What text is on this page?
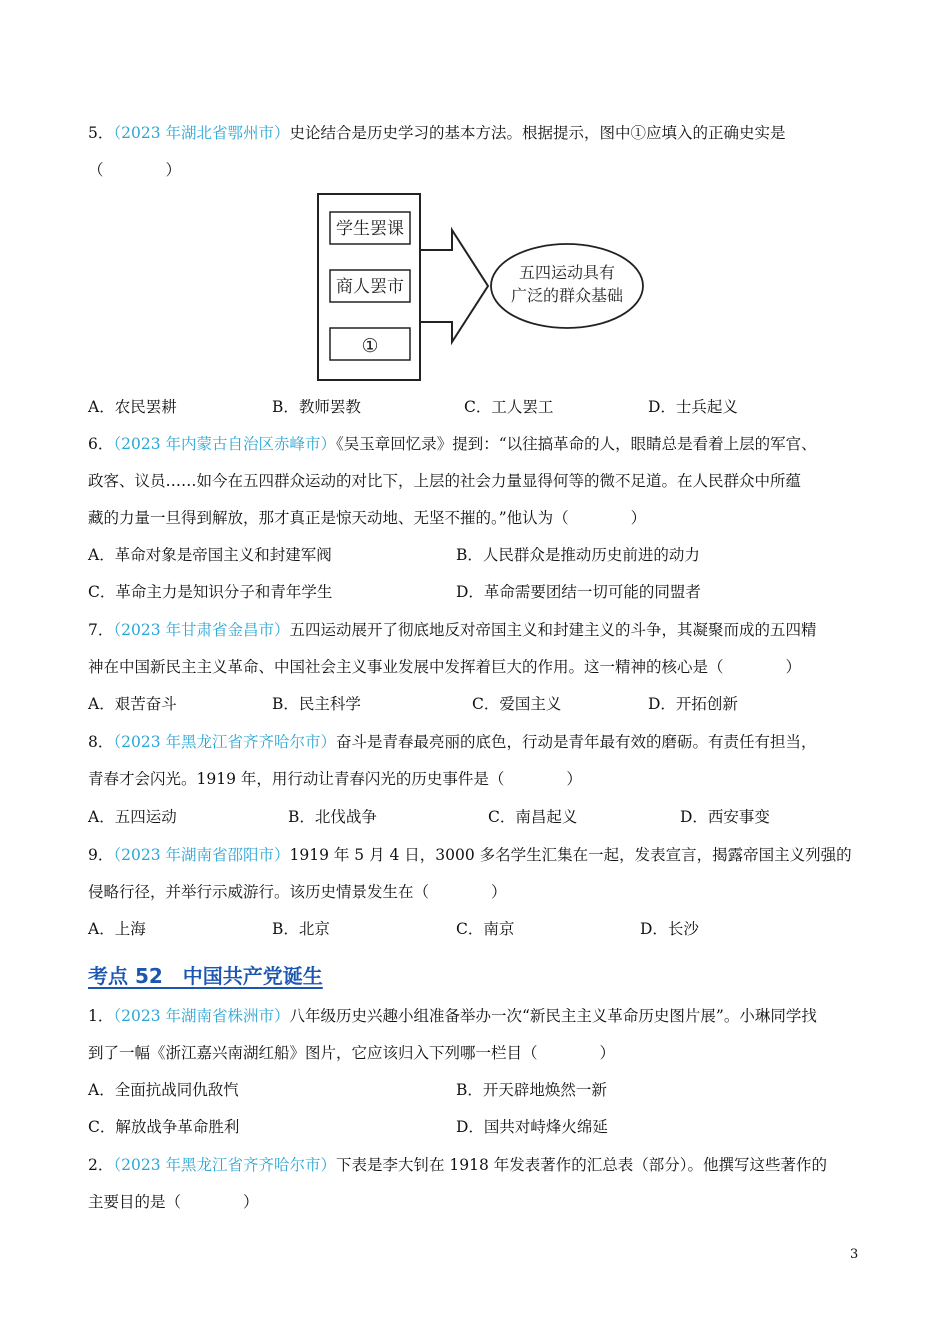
5．（2023 年湖北省鄂州市）史论结合是历史学习的基本方法。根据提示，图中①应填入的正确史实是
（　　　　）
学生罢课
商人罢市
①
五四运动具有
广泛的群众基础
A．农民罢耕	B．教师罢教	C．工人罢工	D．士兵起义
6．（2023 年内蒙古自治区赤峰市）《吴玉章回忆录》提到：“以往搞革命的人，眼睛总是看着上层的军官、
政客、议员……如今在五四群众运动的对比下，上层的社会力量显得何等的微不足道。在人民群众中所蕴
藏的力量一旦得到解放，那才真正是惊天动地、无坚不摧的。”他认为（　　　　）
A．革命对象是帝国主义和封建军阀	B．人民群众是推动历史前进的动力
C．革命主力是知识分子和青年学生	D．革命需要团结一切可能的同盟者
7．（2023 年甘肃省金昌市）五四运动展开了彻底地反对帝国主义和封建主义的斗争，其凝聚而成的五四精
神在中国新民主主义革命、中国社会主义事业发展中发挥着巨大的作用。这一精神的核心是（　　　　）
A．艰苦奋斗	B．民主科学	C．爱国主义	D．开拓创新
8．（2023 年黑龙江省齐齐哈尔市）奋斗是青春最亮丽的底色，行动是青年最有效的磨砺。有责任有担当，
青春才会闪光。1919 年，用行动让青春闪光的历史事件是（　　　　）
A．五四运动	B．北伐战争	C．南昌起义	D．西安事变
9．（2023 年湖南省邵阳市）1919 年 5 月 4 日，3000 多名学生汇集在一起，发表宣言，揭露帝国主义列强的
侵略行径，并举行示威游行。该历史情景发生在（　　　　）
A．上海	B．北京	C．南京	D．长沙
考点 52　中国共产党诞生
1．（2023 年湖南省株洲市）八年级历史兴趣小组准备举办一次“新民主主义革命历史图片展”。小琳同学找
到了一幅《浙江嘉兴南湖红船》图片，它应该归入下列哪一栏目（　　　　）
A．全面抗战同仇敌忾	B．开天辟地焕然一新
C．解放战争革命胜利	D．国共对峙烽火绵延
2．（2023 年黑龙江省齐齐哈尔市）下表是李大钊在 1918 年发表著作的汇总表（部分）。他撰写这些著作的
主要目的是（　　　　）
3
